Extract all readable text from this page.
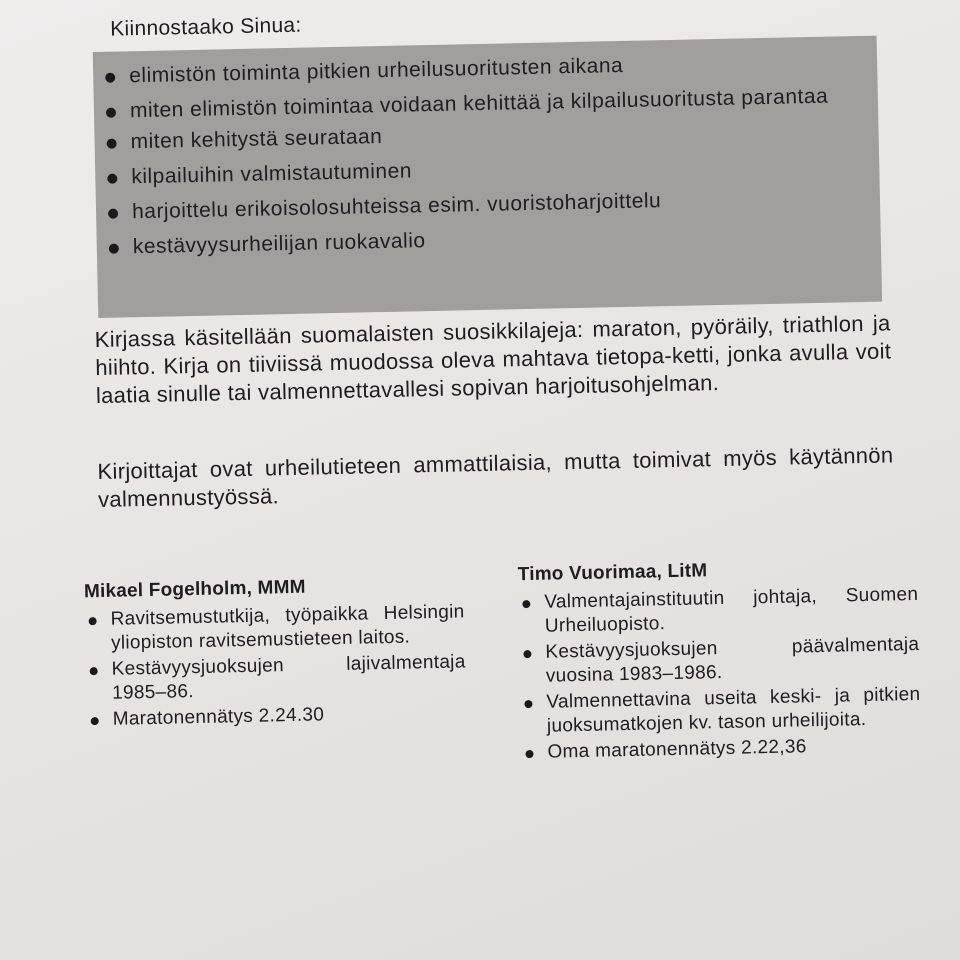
Kiinnostaako Sinua:

elimistön toiminta pitkien urheilusuoritusten aikana
miten elimistön toimintaa voidaan kehittää ja kilpailusuoritusta parantaa
miten kehitystä seurataan
kilpailuihin valmistautuminen
harjoittelu erikoisolosuhteissa esim. vuoristoharjoittelu
kestävyysurheilijan ruokavalio

Kirjassa käsitellään suomalaisten suosikkilajeja: maraton, pyöräily, triathlon ja hiihto. Kirja on tiiviissä muodossa oleva mahtava tietopa-ketti, jonka avulla voit laatia sinulle tai valmennettavallesi sopivan harjoitusohjelman.

Kirjoittajat ovat urheilutieteen ammattilaisia, mutta toimivat myös käytännön valmennustyössä.

Mikael Fogelholm, MMM
Ravitsemustutkija, työpaikka Helsingin yliopiston ravitsemustieteen laitos.
Kestävyysjuoksujen lajivalmentaja 1985–86.
Maratonennätys 2.24.30
Timo Vuorimaa, LitM
Valmentajainstituutin johtaja, Suomen Urheiluopisto.
Kestävyysjuoksujen päävalmentaja vuosina 1983–1986.
Valmennettavina useita keski- ja pitkien juoksumatkojen kv. tason urheilijoita.
Oma maratonennätys 2.22,36
